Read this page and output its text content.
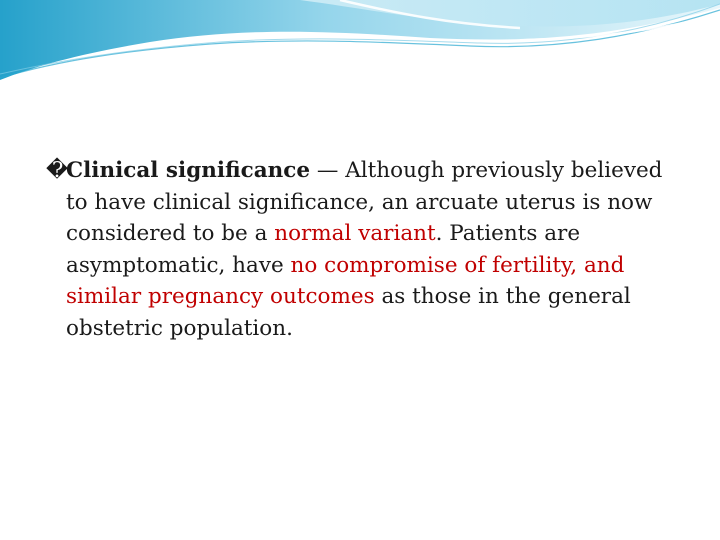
�Clinical significance — Although previously believed to have clinical significance, an arcuate uterus is now considered to be a normal variant. Patients are asymptomatic, have no compromise of fertility, and similar pregnancy outcomes as those in the general obstetric population.
